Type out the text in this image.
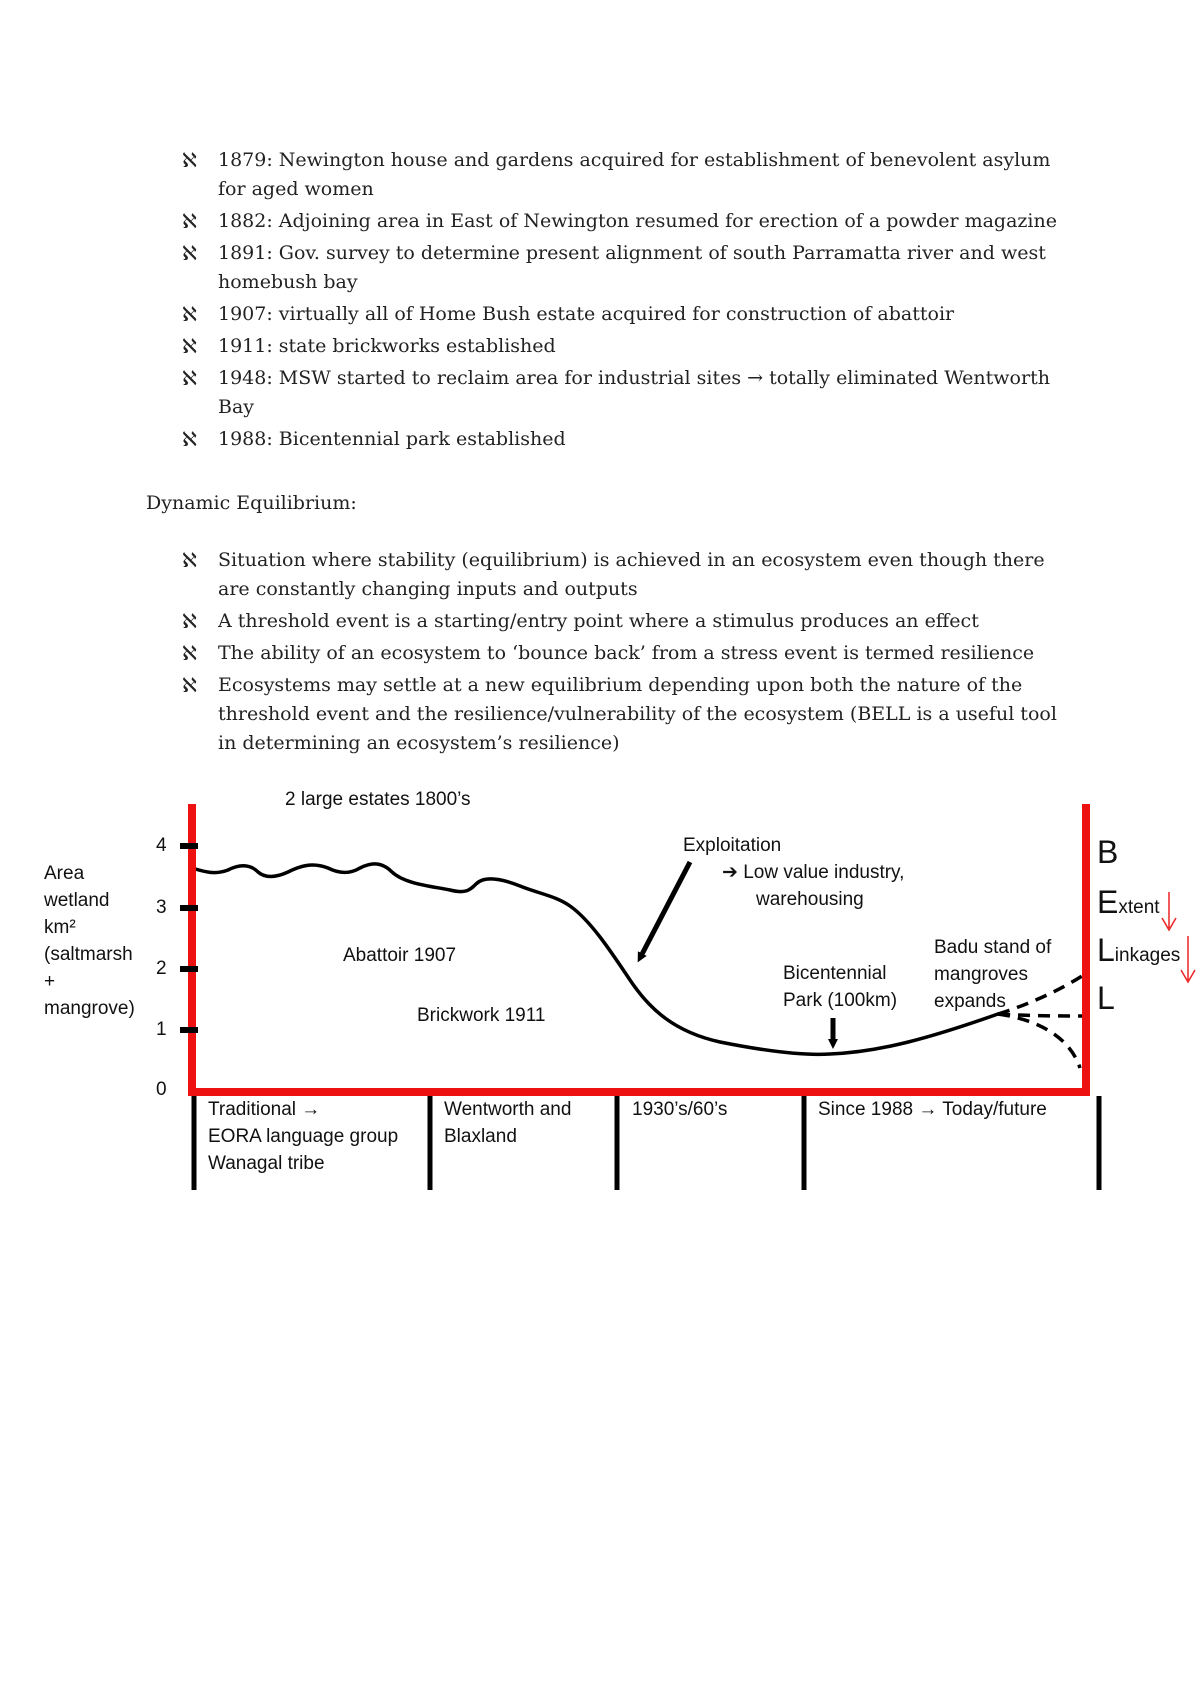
ℵ 1879: Newington house and gardens acquired for establishment of benevolent asylum for aged women
ℵ 1882: Adjoining area in East of Newington resumed for erection of a powder magazine
ℵ 1891: Gov. survey to determine present alignment of south Parramatta river and west homebush bay
ℵ 1907: virtually all of Home Bush estate acquired for construction of abattoir
ℵ 1911: state brickworks established
ℵ 1948: MSW started to reclaim area for industrial sites → totally eliminated Wentworth Bay
ℵ 1988: Bicentennial park established
Dynamic Equilibrium:
ℵ Situation where stability (equilibrium) is achieved in an ecosystem even though there are constantly changing inputs and outputs
ℵ A threshold event is a starting/entry point where a stimulus produces an effect
ℵ The ability of an ecosystem to ‘bounce back’ from a stress event is termed resilience
ℵ Ecosystems may settle at a new equilibrium depending upon both the nature of the threshold event and the resilience/vulnerability of the ecosystem (BELL is a useful tool in determining an ecosystem’s resilience)
Area
wetland
km²
(saltmarsh
+
mangrove)
4
3
2
1
0
2 large estates 1800’s
Abattoir 1907
Brickwork 1911
Exploitation
➔ Low value industry,
warehousing
Bicentennial
Park (100km)
Badu stand of
mangroves
expands
Traditional →
EORA language group
Wanagal tribe
Wentworth and
Blaxland
1930’s/60’s	Since 1988 → Today/future
B
Extent
Linkages
L
